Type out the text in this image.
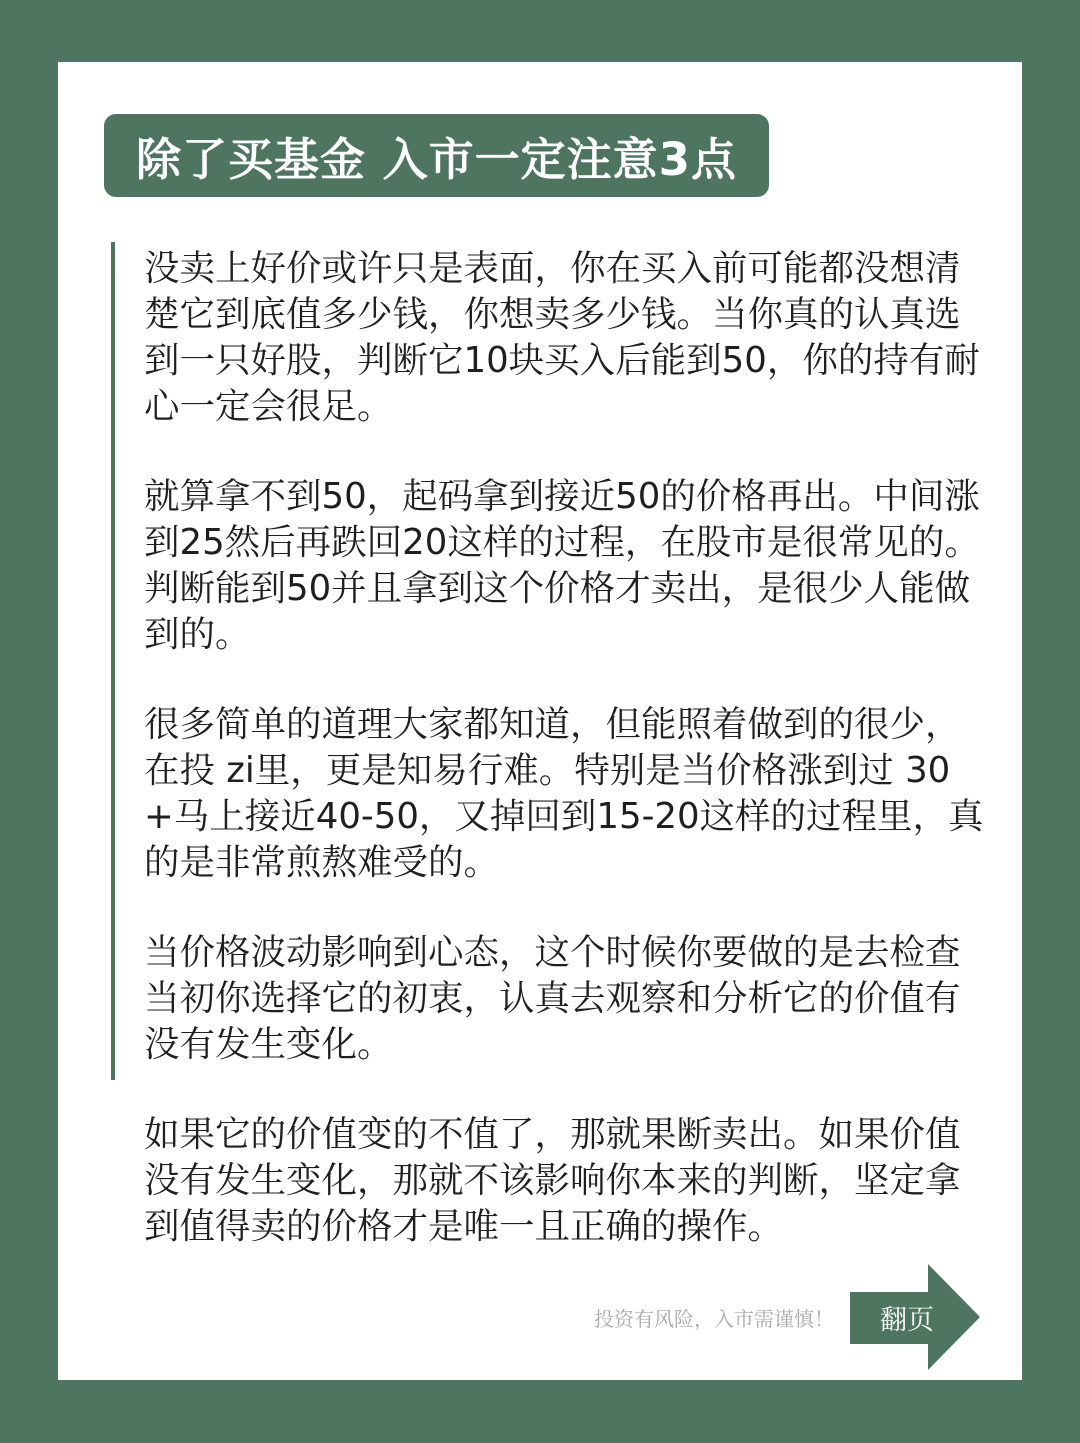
除了买基金 入市一定注意3点

没卖上好价或许只是表面，你在买入前可能都没想清楚它到底值多少钱，你想卖多少钱。当你真的认真选到一只好股，判断它10块买入后能到50，你的持有耐心一定会很足。

就算拿不到50，起码拿到接近50的价格再出。中间涨到25然后再跌回20这样的过程，在股市是很常见的。判断能到50并且拿到这个价格才卖出，是很少人能做到的。

很多简单的道理大家都知道，但能照着做到的很少，在投 zi里，更是知易行难。特别是当价格涨到过 30+马上接近40-50，又掉回到15-20这样的过程里，真的是非常煎熬难受的。

当价格波动影响到心态，这个时候你要做的是去检查当初你选择它的初衷，认真去观察和分析它的价值有没有发生变化。

如果它的价值变的不值了，那就果断卖出。如果价值没有发生变化，那就不该影响你本来的判断，坚定拿到值得卖的价格才是唯一且正确的操作。

投资有风险，入市需谨慎！ 翻页
